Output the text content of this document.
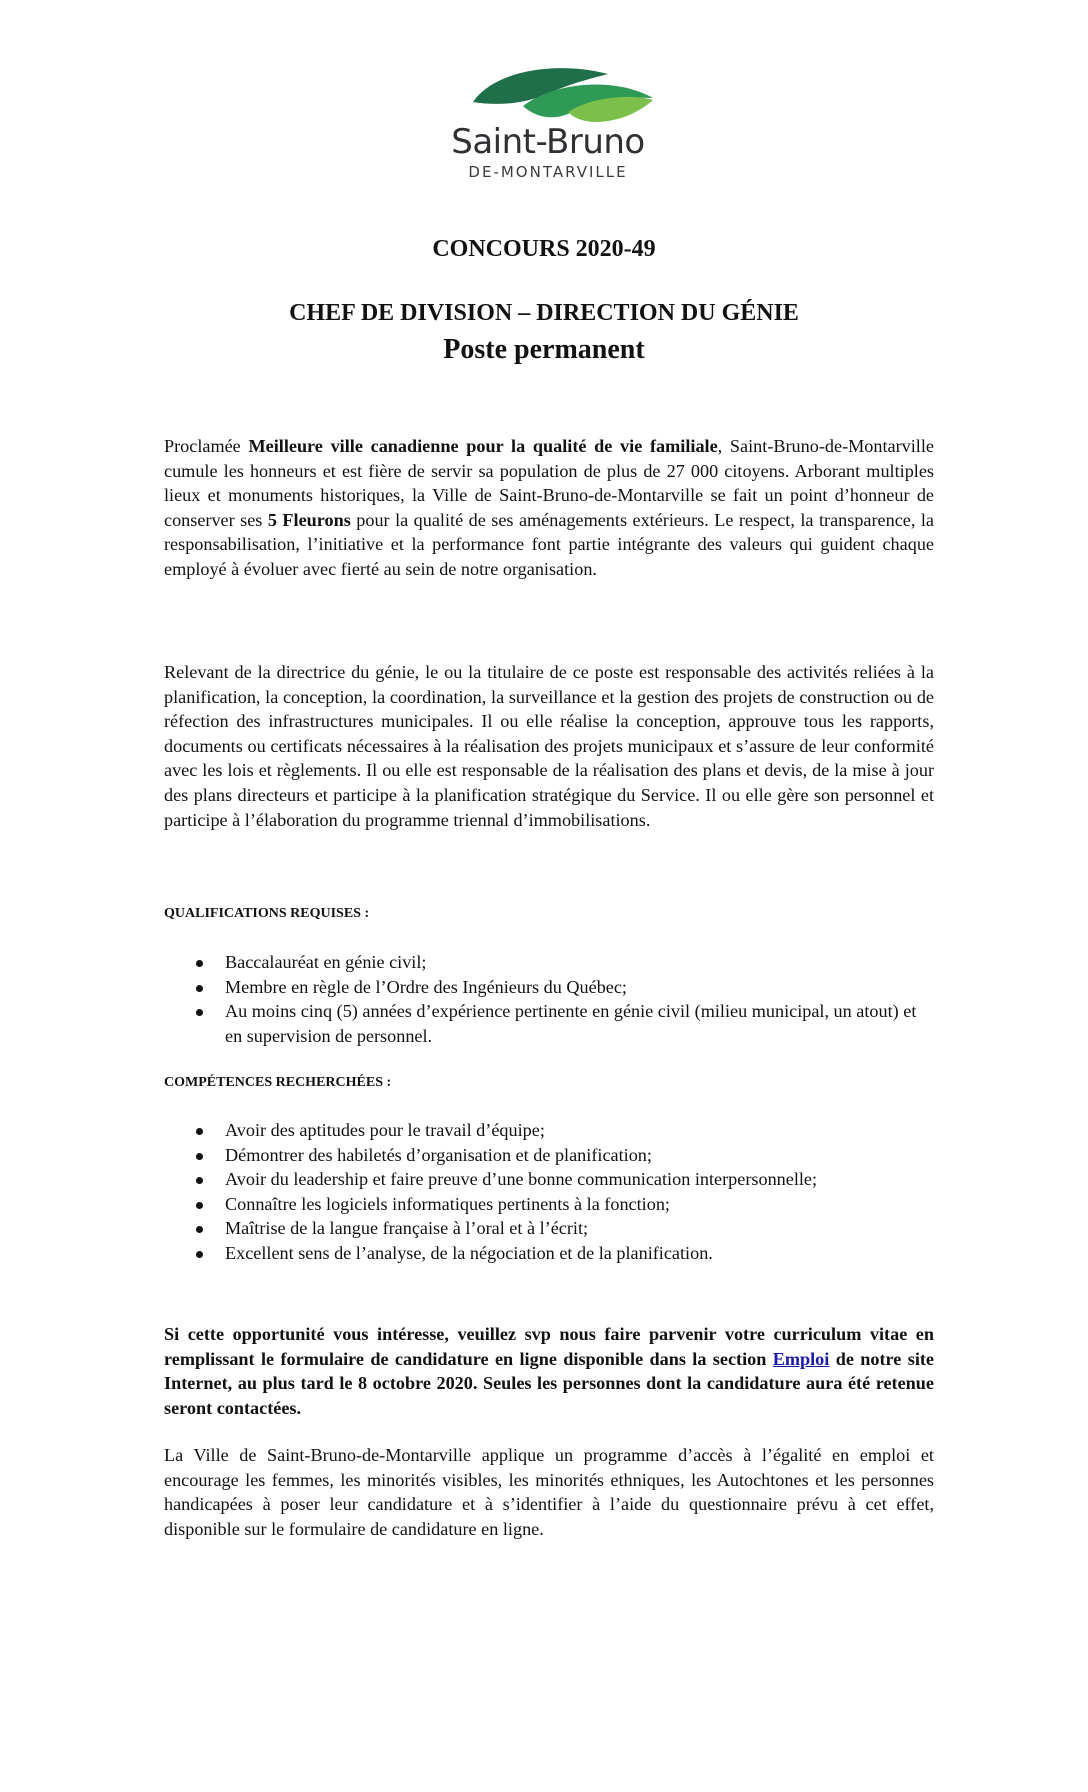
Saint-Bruno
DE-MONTARVILLE
CONCOURS 2020-49
CHEF DE DIVISION – DIRECTION DU GÉNIE
Poste permanent

Proclamée Meilleure ville canadienne pour la qualité de vie familiale, Saint-Bruno-de-Montarville cumule les honneurs et est fière de servir sa population de plus de 27 000 citoyens. Arborant multiples lieux et monuments historiques, la Ville de Saint-Bruno-de-Montarville se fait un point d’honneur de conserver ses 5 Fleurons pour la qualité de ses aménagements extérieurs. Le respect, la transparence, la responsabilisation, l’initiative et la performance font partie intégrante des valeurs qui guident chaque employé à évoluer avec fierté au sein de notre organisation.

Relevant de la directrice du génie, le ou la titulaire de ce poste est responsable des activités reliées à la planification, la conception, la coordination, la surveillance et la gestion des projets de construction ou de réfection des infrastructures municipales. Il ou elle réalise la conception, approuve tous les rapports, documents ou certificats nécessaires à la réalisation des projets municipaux et s’assure de leur conformité avec les lois et règlements. Il ou elle est responsable de la réalisation des plans et devis, de la mise à jour des plans directeurs et participe à la planification stratégique du Service. Il ou elle gère son personnel et participe à l’élaboration du programme triennal d’immobilisations.

QUALIFICATIONS REQUISES :
Baccalauréat en génie civil;
Membre en règle de l’Ordre des Ingénieurs du Québec;
Au moins cinq (5) années d’expérience pertinente en génie civil (milieu municipal, un atout) et en supervision de personnel.
COMPÉTENCES RECHERCHÉES :
Avoir des aptitudes pour le travail d’équipe;
Démontrer des habiletés d’organisation et de planification;
Avoir du leadership et faire preuve d’une bonne communication interpersonnelle;
Connaître les logiciels informatiques pertinents à la fonction;
Maîtrise de la langue française à l’oral et à l’écrit;
Excellent sens de l’analyse, de la négociation et de la planification.

Si cette opportunité vous intéresse, veuillez svp nous faire parvenir votre curriculum vitae en remplissant le formulaire de candidature en ligne disponible dans la section Emploi de notre site Internet, au plus tard le 8 octobre 2020. Seules les personnes dont la candidature aura été retenue seront contactées.

La Ville de Saint-Bruno-de-Montarville applique un programme d’accès à l’égalité en emploi et encourage les femmes, les minorités visibles, les minorités ethniques, les Autochtones et les personnes handicapées à poser leur candidature et à s’identifier à l’aide du questionnaire prévu à cet effet, disponible sur le formulaire de candidature en ligne.
